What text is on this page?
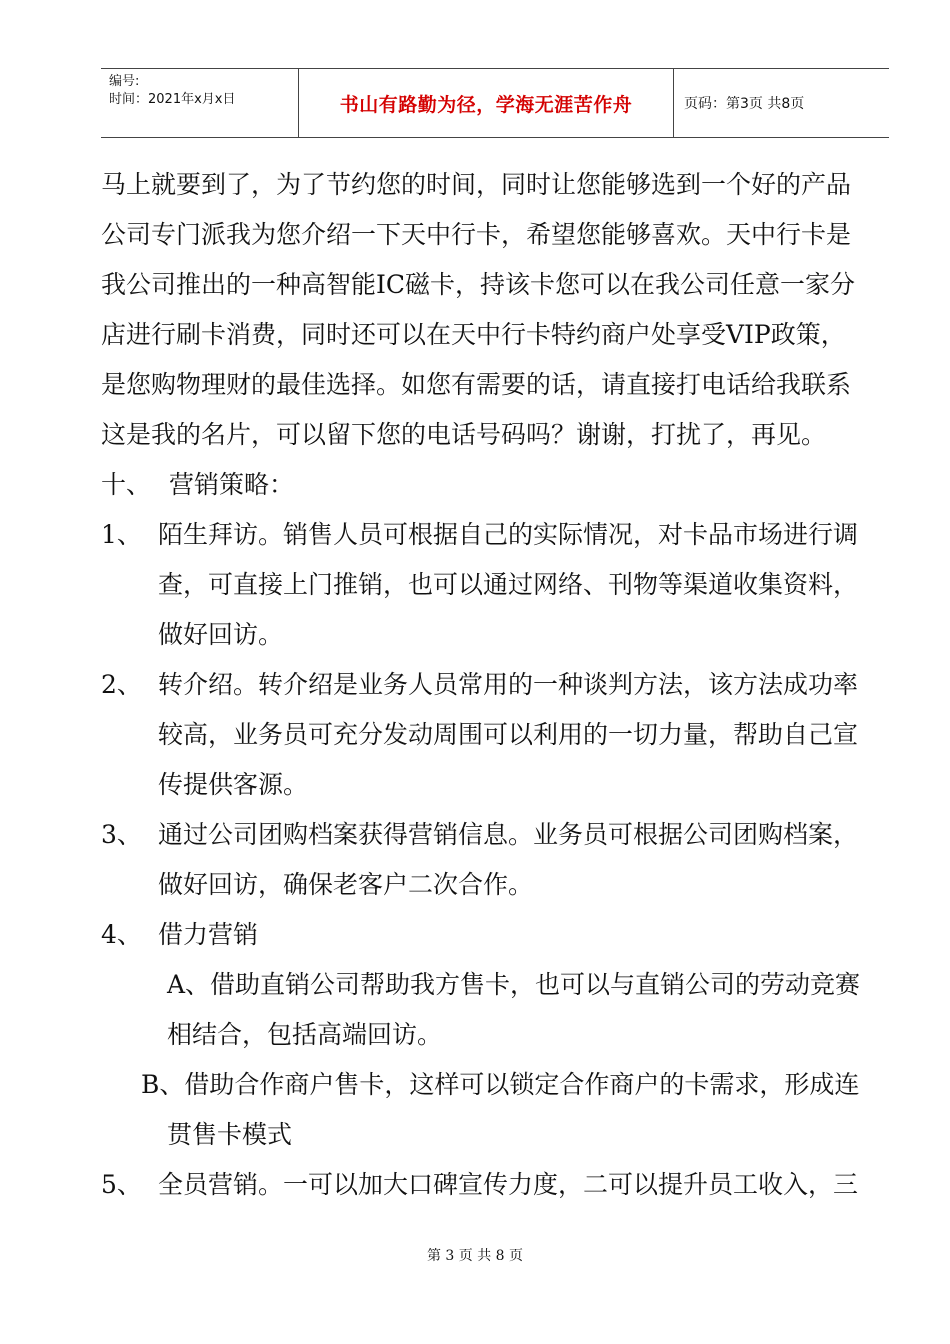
编号:
时间：2021年x月x日	书山有路勤为径，学海无涯苦作舟	页码：第3页 共8页
马上就要到了，为了节约您的时间，同时让您能够选到一个好的产品
公司专门派我为您介绍一下天中行卡，希望您能够喜欢。天中行卡是
我公司推出的一种高智能IC磁卡，持该卡您可以在我公司任意一家分
店进行刷卡消费，同时还可以在天中行卡特约商户处享受VIP政策，
是您购物理财的最佳选择。如您有需要的话，请直接打电话给我联系
这是我的名片，可以留下您的电话号码吗？谢谢，打扰了，再见。
十、 营销策略：
1、 陌生拜访。销售人员可根据自己的实际情况，对卡品市场进行调
查，可直接上门推销，也可以通过网络、刊物等渠道收集资料，
做好回访。
2、 转介绍。转介绍是业务人员常用的一种谈判方法，该方法成功率
较高，业务员可充分发动周围可以利用的一切力量，帮助自己宣
传提供客源。
3、 通过公司团购档案获得营销信息。业务员可根据公司团购档案，
做好回访，确保老客户二次合作。
4、 借力营销
A、借助直销公司帮助我方售卡，也可以与直销公司的劳动竞赛
相结合，包括高端回访。
B、借助合作商户售卡，这样可以锁定合作商户的卡需求，形成连
贯售卡模式
5、 全员营销。一可以加大口碑宣传力度，二可以提升员工收入，三
第 3 页 共 8 页
